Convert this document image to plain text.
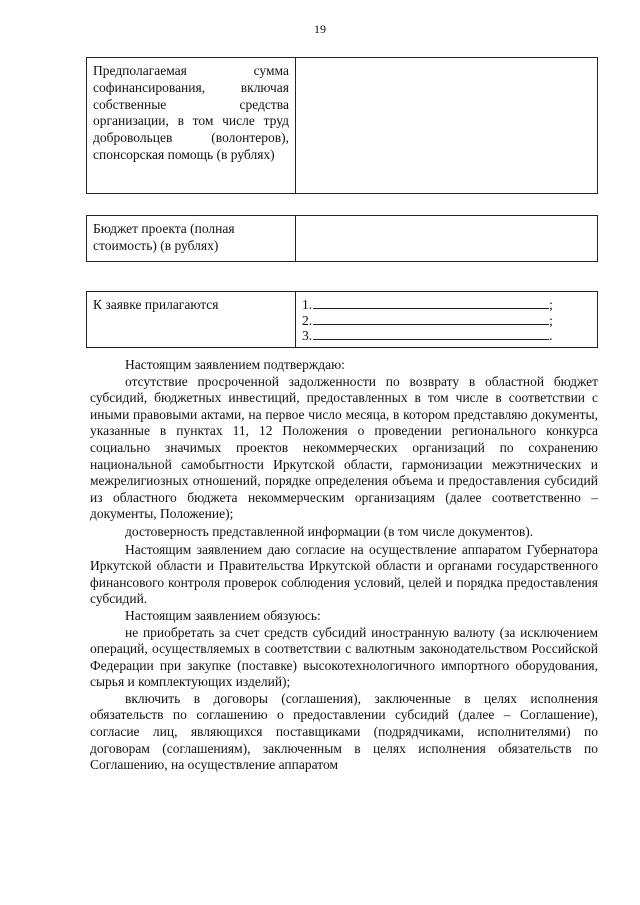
19
Предполагаемая сумма софинансирования, включая собственные средства организации, в том числе труд добровольцев (волонтеров), спонсорская помощь (в рублях)	
Бюджет проекта (полная стоимость) (в рублях)	
К заявке прилагаются	1.	;
2.	;
3.	.

Настоящим заявлением подтверждаю:

отсутствие просроченной задолженности по возврату в областной бюджет субсидий, бюджетных инвестиций, предоставленных в том числе в соответствии с иными правовыми актами, на первое число месяца, в котором представляю документы, указанные в пунктах 11, 12 Положения о проведении регионального конкурса социально значимых проектов некоммерческих организаций по сохранению национальной самобытности Иркутской области, гармонизации межэтнических и межрелигиозных отношений, порядке определения объема и предоставления субсидий из областного бюджета некоммерческим организациям (далее соответственно – документы, Положение);

достоверность представленной информации (в том числе документов).

Настоящим заявлением даю согласие на осуществление аппаратом Губернатора Иркутской области и Правительства Иркутской области и органами государственного финансового контроля проверок соблюдения условий, целей и порядка предоставления субсидий.

Настоящим заявлением обязуюсь:

не приобретать за счет средств субсидий иностранную валюту (за исключением операций, осуществляемых в соответствии с валютным законодательством Российской Федерации при закупке (поставке) высокотехнологичного импортного оборудования, сырья и комплектующих изделий);

включить в договоры (соглашения), заключенные в целях исполнения обязательств по соглашению о предоставлении субсидий (далее – Соглашение), согласие лиц, являющихся поставщиками (подрядчиками, исполнителями) по договорам (соглашениям), заключенным в целях исполнения обязательств по Соглашению, на осуществление аппаратом
